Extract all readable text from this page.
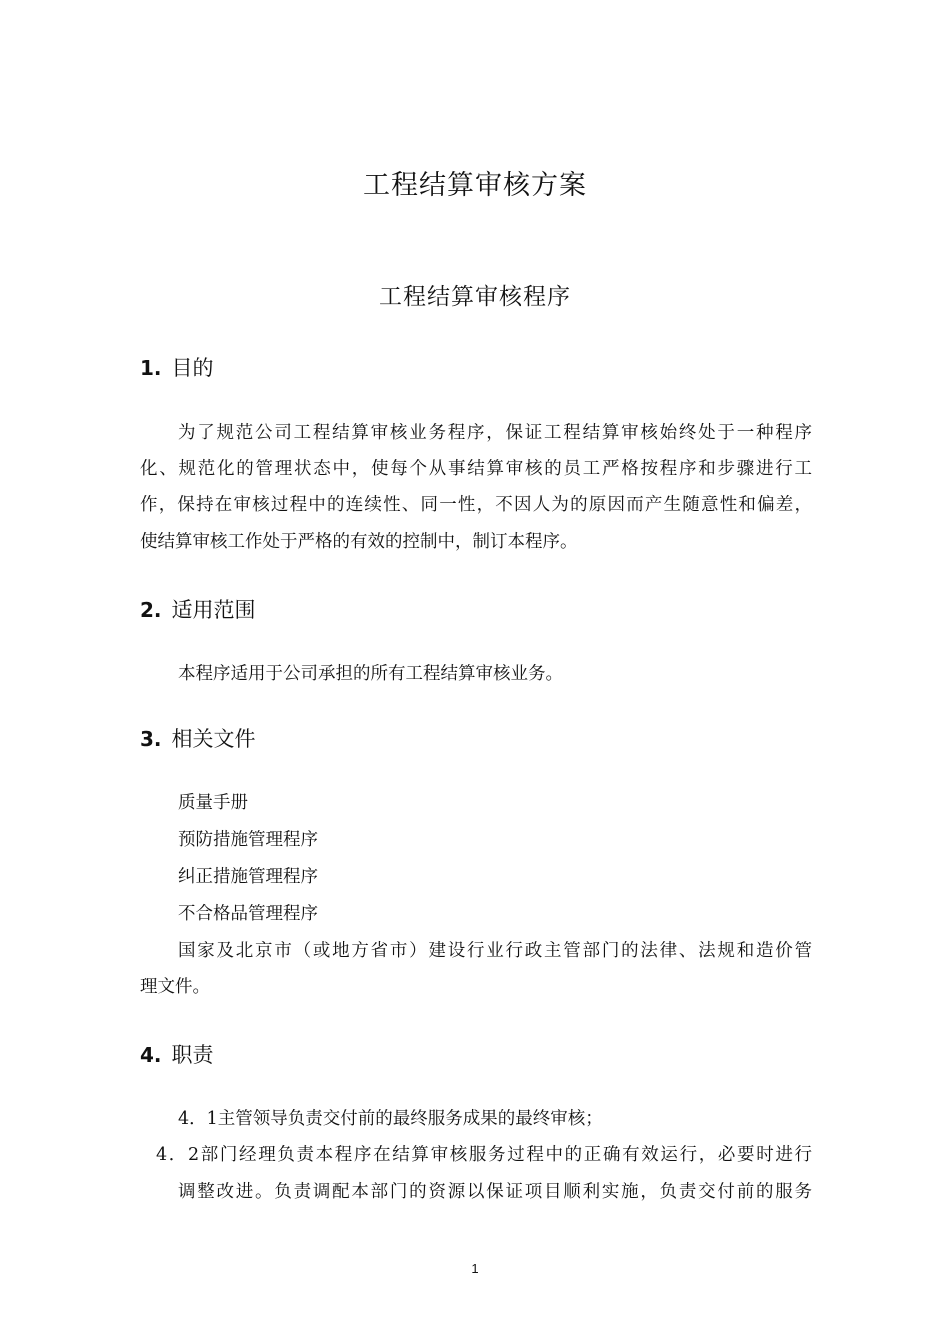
工程结算审核方案
工程结算审核程序
1. 目的
为了规范公司工程结算审核业务程序，保证工程结算审核始终处于一种程序
化、规范化的管理状态中，使每个从事结算审核的员工严格按程序和步骤进行工
作，保持在审核过程中的连续性、同一性，不因人为的原因而产生随意性和偏差，
使结算审核工作处于严格的有效的控制中，制订本程序。
2. 适用范围
本程序适用于公司承担的所有工程结算审核业务。
3. 相关文件
质量手册
预防措施管理程序
纠正措施管理程序
不合格品管理程序
国家及北京市（或地方省市）建设行业行政主管部门的法律、法规和造价管
理文件。
4. 职责
4．1主管领导负责交付前的最终服务成果的最终审核；
4．2部门经理负责本程序在结算审核服务过程中的正确有效运行，必要时进行
调整改进。负责调配本部门的资源以保证项目顺利实施，负责交付前的服务
1
